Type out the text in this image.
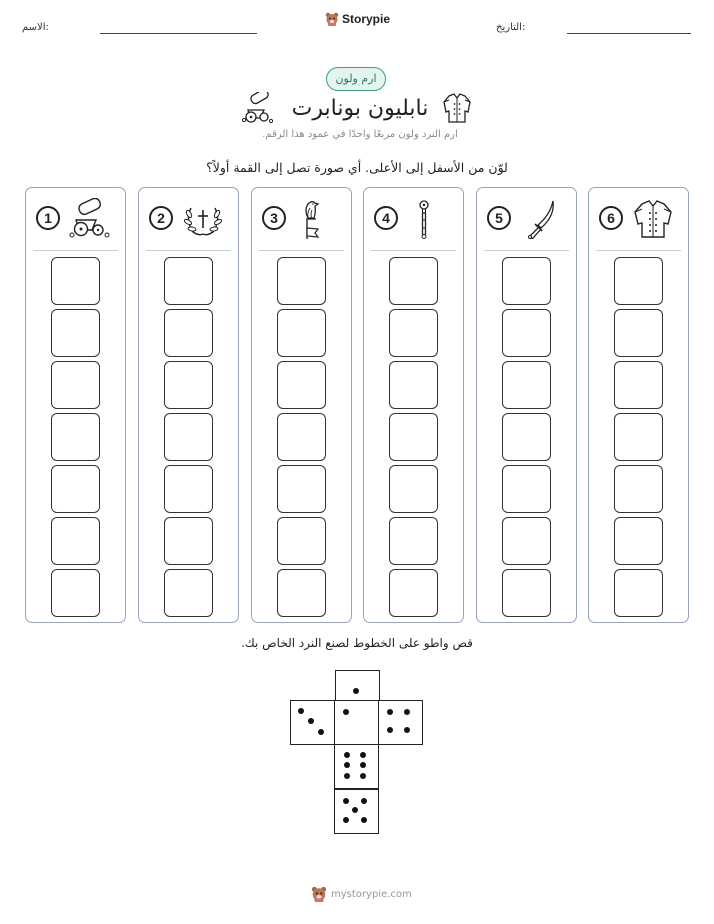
الاسم:
Storypie
التاريخ:
ارم ولون
نابليون بونابرت
ارم النرد ولون مربعًا واحدًا في عمود هذا الرقم.
لوّن من الأسفل إلى الأعلى. أي صورة تصل إلى القمة أولاً؟
1	2	3	4	5	6
قص واطو على الخطوط لصنع النرد الخاص بك.
mystorypie.com
